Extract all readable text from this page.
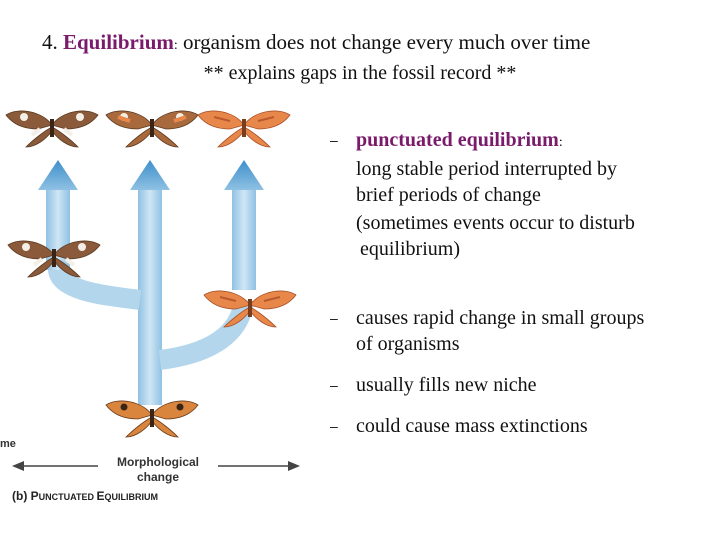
4. Equilibrium: organism does not change every much over time
** explains gaps in the fossil record **
– punctuated equilibrium:
long stable period interrupted by
brief periods of change
(sometimes events occur to disturb
equilibrium)
– causes rapid change in small groups
of organisms
– usually fills new niche
– could cause mass extinctions
me
Morphological
change
(b) PUNCTUATED EQUILIBRIUM
